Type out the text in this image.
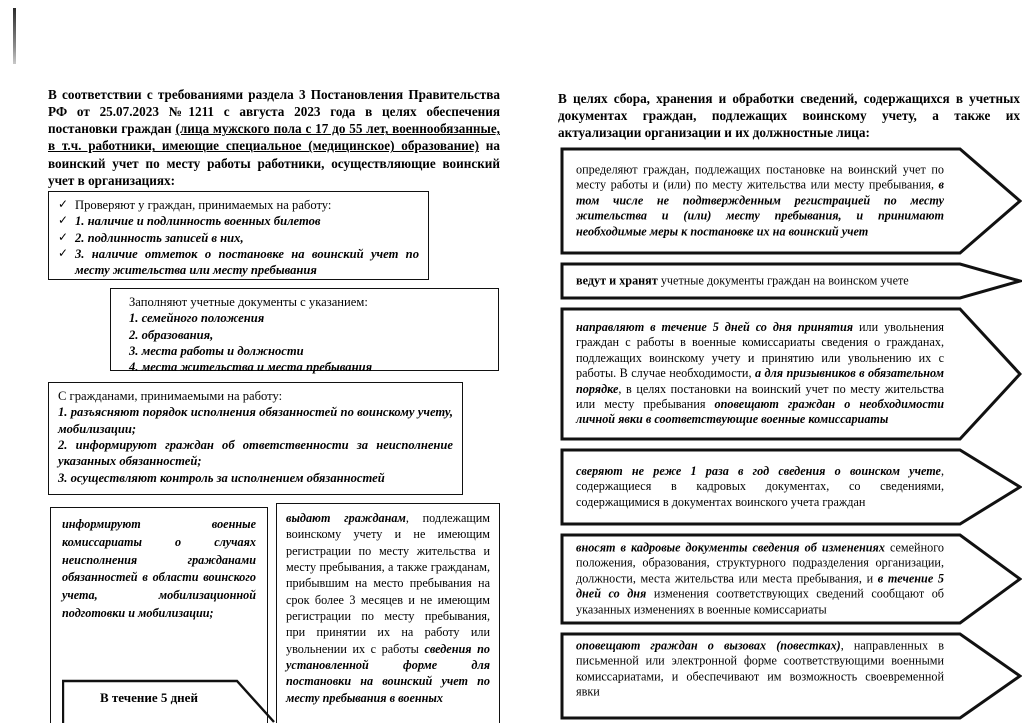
В соответствии с требованиями раздела 3 Постановления Правительства РФ от 25.07.2023 №1211 с августа 2023 года в целях обеспечения постановки граждан (лица мужского пола с 17 до 55 лет, военнообязанные, в т.ч. работники, имеющие специальное (медицинское) образование) на воинский учет по месту работы работники, осуществляющие воинский учет в организациях:
✓ Проверяют у граждан, принимаемых на работу:
✓ 1. наличие и подлинность военных билетов
✓ 2. подлинность записей в них,
✓ 3. наличие отметок о постановке на воинский учет по месту жительства или месту пребывания
Заполняют учетные документы с указанием:
1. семейного положения
2. образования,
3. места работы и должности
4. места жительства и места пребывания
С гражданами, принимаемыми на работу:
1. разъясняют порядок исполнения обязанностей по воинскому учету, мобилизации;
2. информируют граждан об ответственности за неисполнение указанных обязанностей;
3. осуществляют контроль за исполнением обязанностей
информируют военные комиссариаты о случаях неисполнения гражданами обязанностей в области воинского учета, мобилизационной подготовки и мобилизации;
выдают гражданам, подлежащим воинскому учету и не имеющим регистрации по месту жительства и месту пребывания, а также гражданам, прибывшим на место пребывания на срок более 3 месяцев и не имеющим регистрации по месту пребывания, при принятии их на работу или увольнении их с работы сведения по установленной форме для постановки на воинский учет по месту пребывания в военных
В течение 5 дней
В целях сбора, хранения и обработки сведений, содержащихся в учетных документах граждан, подлежащих воинскому учету, а также их актуализации организации и их должностные лица:
определяют граждан, подлежащих постановке на воинский учет по месту работы и (или) по месту жительства или месту пребывания, в том числе не подтвержденным регистрацией по месту жительства и (или) месту пребывания, и принимают необходимые меры к постановке их на воинский учет
ведут и хранят учетные документы граждан на воинском учете
направляют в течение 5 дней со дня принятия или увольнения граждан с работы в военные комиссариаты сведения о гражданах, подлежащих воинскому учету и принятию или увольнению их с работы. В случае необходимости, а для призывников в обязательном порядке, в целях постановки на воинский учет по месту жительства или месту пребывания оповещают граждан о необходимости личной явки в соответствующие военные комиссариаты
сверяют не реже 1 раза в год сведения о воинском учете, содержащиеся в кадровых документах, со сведениями, содержащимися в документах воинского учета граждан
вносят в кадровые документы сведения об изменениях семейного положения, образования, структурного подразделения организации, должности, места жительства или места пребывания, и в течение 5 дней со дня изменения соответствующих сведений сообщают об указанных изменениях в военные комиссариаты
оповещают граждан о вызовах (повестках), направленных в письменной или электронной форме соответствующими военными комиссариатами, и обеспечивают им возможность своевременной явки
